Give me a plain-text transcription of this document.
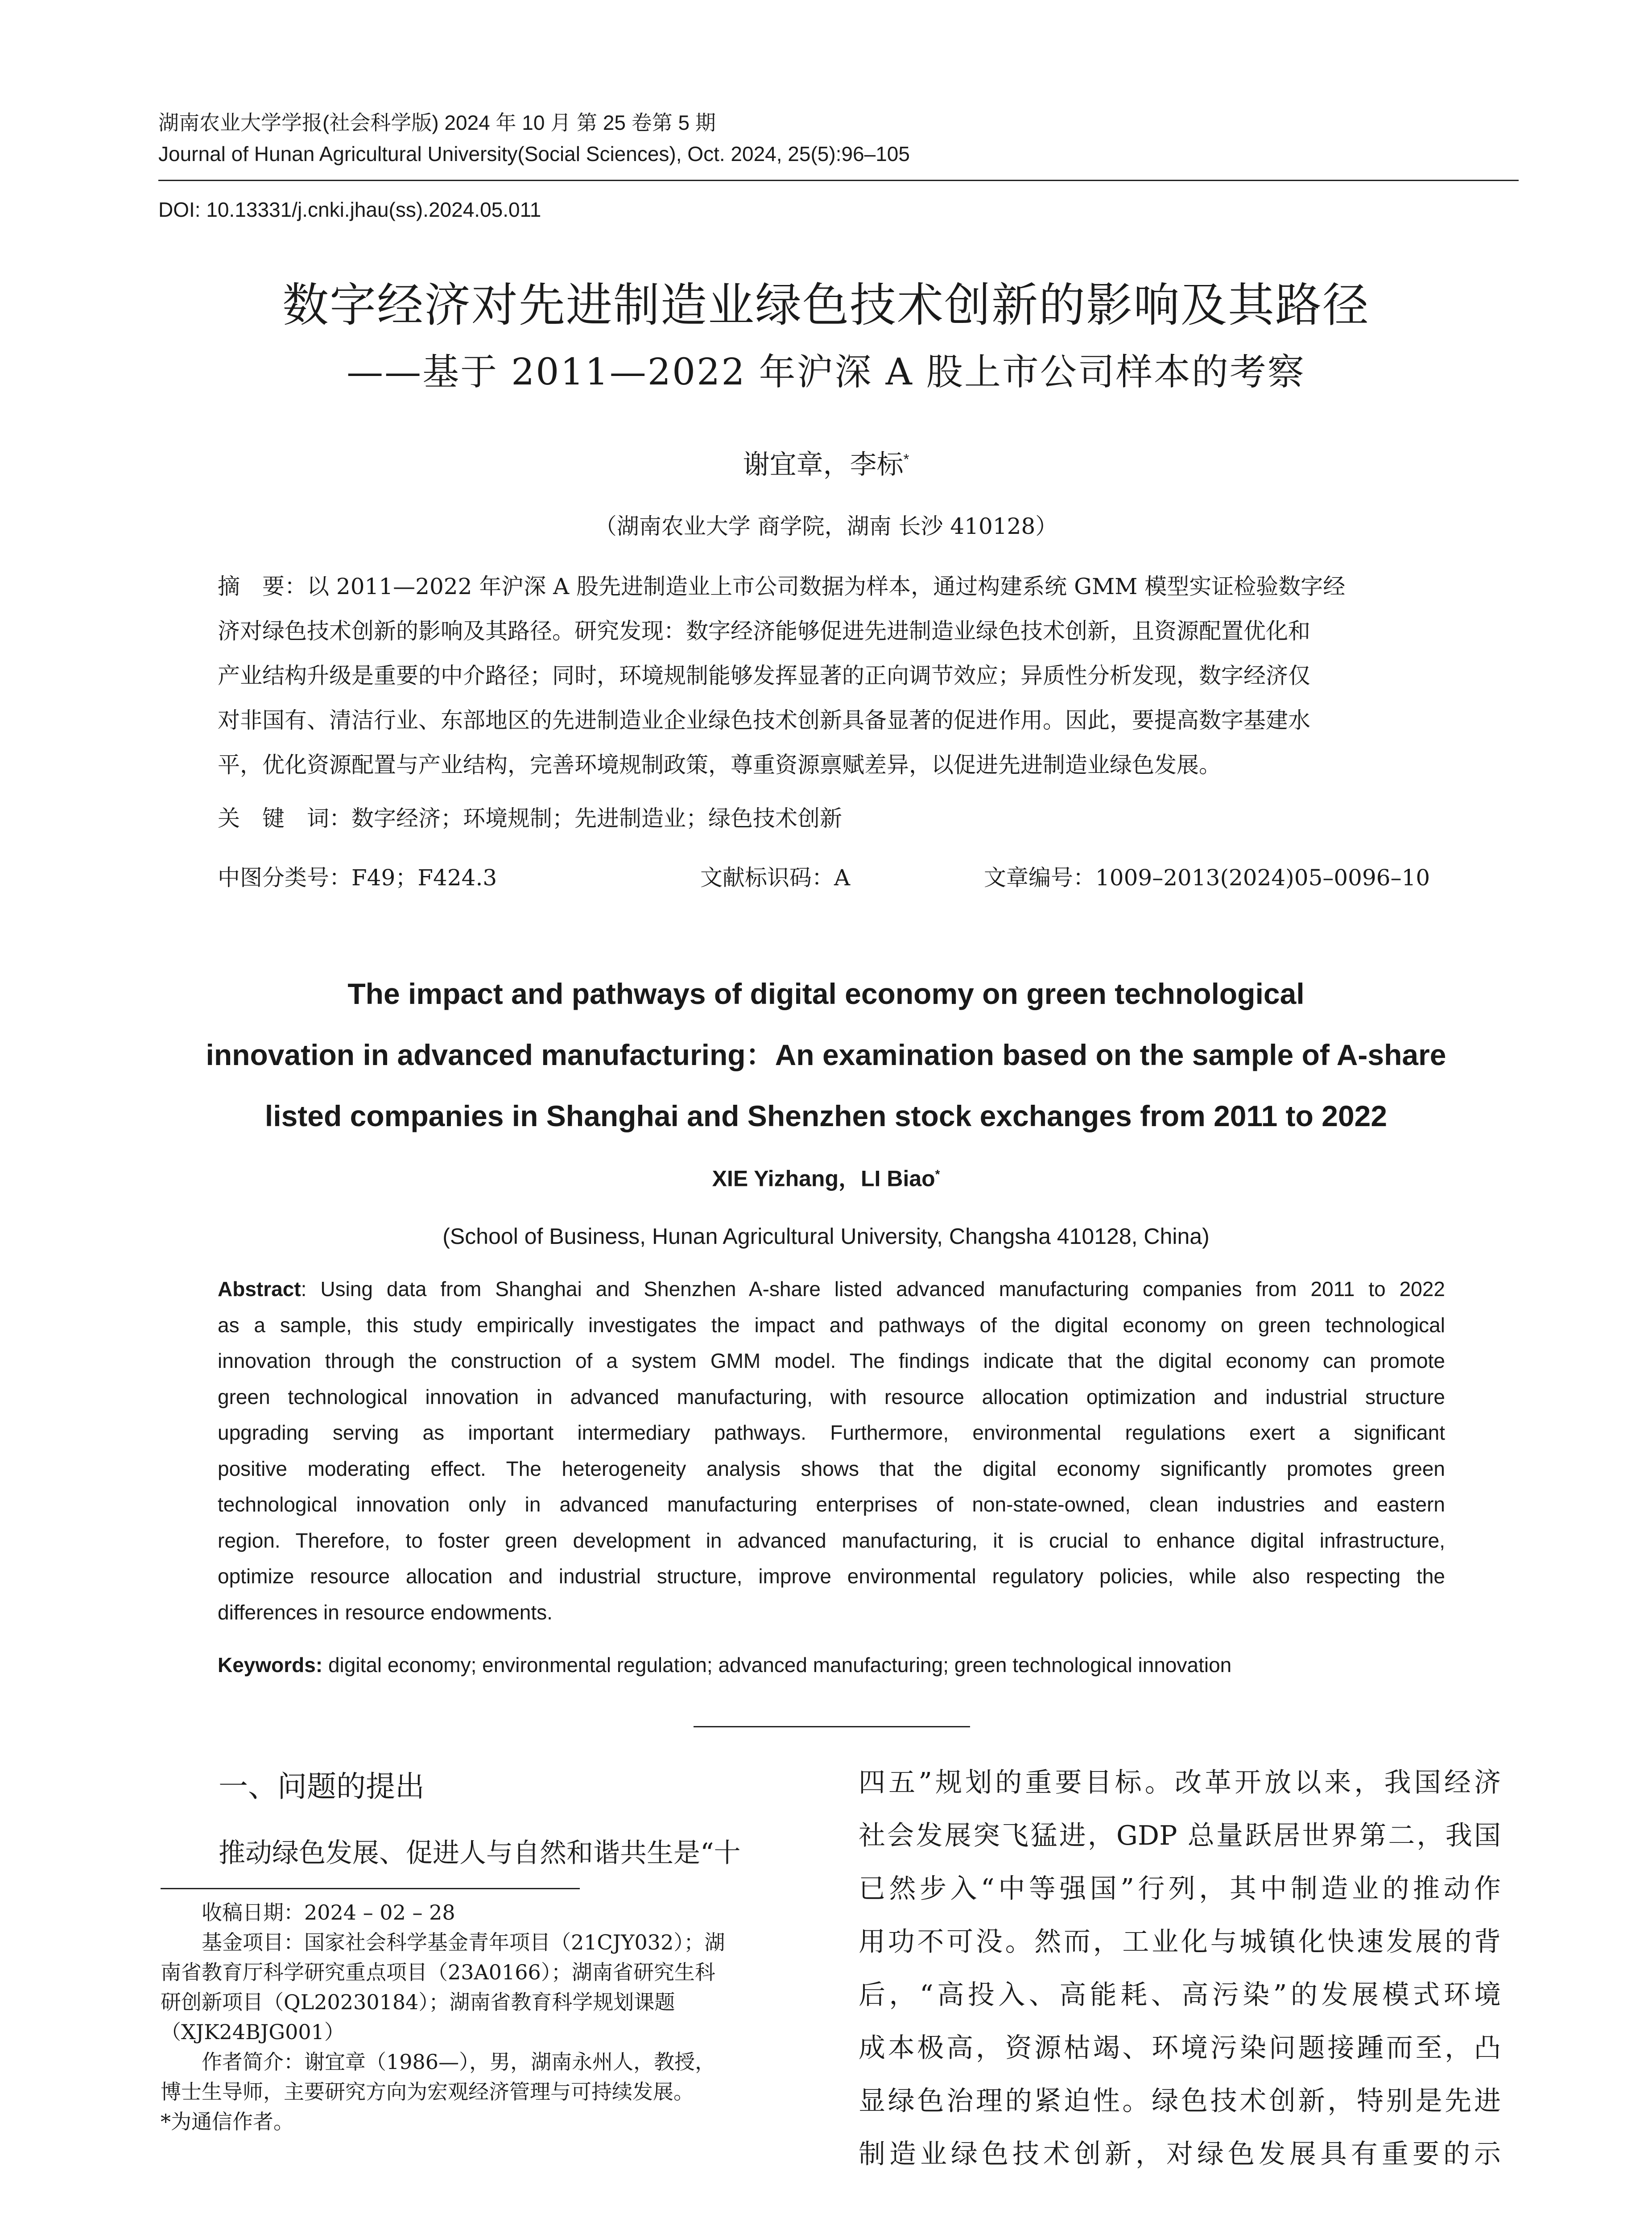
湖南农业大学学报(社会科学版) 2024 年 10 月 第 25 卷第 5 期
Journal of Hunan Agricultural University(Social Sciences), Oct. 2024, 25(5):96–105
DOI: 10.13331/j.cnki.jhau(ss).2024.05.011
数字经济对先进制造业绿色技术创新的影响及其路径
——基于 2011—2022 年沪深 A 股上市公司样本的考察
谢宜章，李标*
（湖南农业大学 商学院，湖南 长沙 410128）
摘　要：以 2011—2022 年沪深 A 股先进制造业上市公司数据为样本，通过构建系统 GMM 模型实证检验数字经
济对绿色技术创新的影响及其路径。研究发现：数字经济能够促进先进制造业绿色技术创新，且资源配置优化和
产业结构升级是重要的中介路径；同时，环境规制能够发挥显著的正向调节效应；异质性分析发现，数字经济仅
对非国有、清洁行业、东部地区的先进制造业企业绿色技术创新具备显著的促进作用。因此，要提高数字基建水
平，优化资源配置与产业结构，完善环境规制政策，尊重资源禀赋差异，以促进先进制造业绿色发展。
关　键　词：数字经济；环境规制；先进制造业；绿色技术创新
中图分类号：F49；F424.3	文献标识码：A	文章编号：1009–2013(2024)05–0096–10
The impact and pathways of digital economy on green technological
innovation in advanced manufacturing：An examination based on the sample of A-share
listed companies in Shanghai and Shenzhen stock exchanges from 2011 to 2022
XIE Yizhang，LI Biao*
(School of Business, Hunan Agricultural University, Changsha 410128, China)
Abstract: Using data from Shanghai and Shenzhen A-share listed advanced manufacturing companies from 2011 to 2022
as a sample, this study empirically investigates the impact and pathways of the digital economy on green technological
innovation through the construction of a system GMM model. The findings indicate that the digital economy can promote
green technological innovation in advanced manufacturing, with resource allocation optimization and industrial structure
upgrading serving as important intermediary pathways. Furthermore, environmental regulations exert a significant
positive moderating effect. The heterogeneity analysis shows that the digital economy significantly promotes green
technological innovation only in advanced manufacturing enterprises of non-state-owned, clean industries and eastern
region. Therefore, to foster green development in advanced manufacturing, it is crucial to enhance digital infrastructure,
optimize resource allocation and industrial structure, improve environmental regulatory policies, while also respecting the
differences in resource endowments.
Keywords: digital economy; environmental regulation; advanced manufacturing; green technological innovation
一、问题的提出
推动绿色发展、促进人与自然和谐共生是“十
　　收稿日期：2024 – 02 – 28
　　基金项目：国家社会科学基金青年项目（21CJY032）；湖
南省教育厅科学研究重点项目（23A0166）；湖南省研究生科
研创新项目（QL20230184）；湖南省教育科学规划课题
（XJK24BJG001）
　　作者简介：谢宜章（1986—），男，湖南永州人，教授，
博士生导师，主要研究方向为宏观经济管理与可持续发展。
*为通信作者。
四五”规划的重要目标。改革开放以来，我国经济
社会发展突飞猛进，GDP 总量跃居世界第二，我国
已然步入“中等强国”行列，其中制造业的推动作
用功不可没。然而，工业化与城镇化快速发展的背
后，“高投入、高能耗、高污染”的发展模式环境
成本极高，资源枯竭、环境污染问题接踵而至，凸
显绿色治理的紧迫性。绿色技术创新，特别是先进
制造业绿色技术创新，对绿色发展具有重要的示
